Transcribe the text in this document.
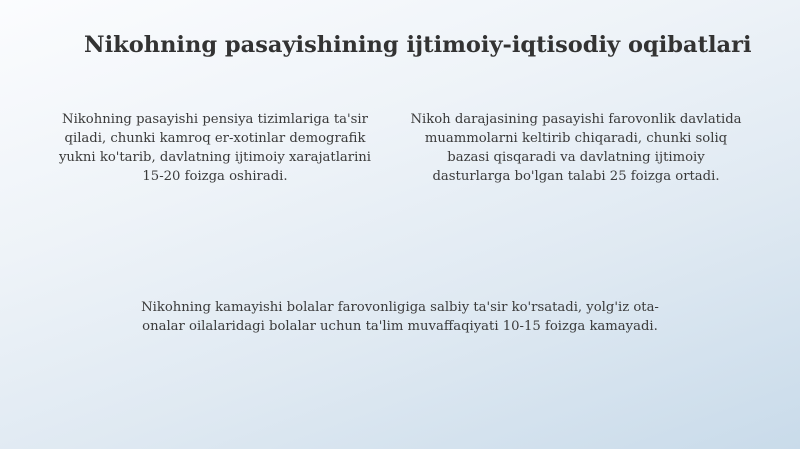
Nikohning pasayishining ijtimoiy-iqtisodiy oqibatlari
Nikohning pasayishi pensiya tizimlariga ta'sir qiladi, chunki kamroq er-xotinlar demografik yukni ko'tarib, davlatning ijtimoiy xarajatlarini 15-20 foizga oshiradi.
Nikoh darajasining pasayishi farovonlik davlatida muammolarni keltirib chiqaradi, chunki soliq bazasi qisqaradi va davlatning ijtimoiy dasturlarga bo'lgan talabi 25 foizga ortadi.
Nikohning kamayishi bolalar farovonligiga salbiy ta'sir ko'rsatadi, yolg'iz ota-onalar oilalaridagi bolalar uchun ta'lim muvaffaqiyati 10-15 foizga kamayadi.
